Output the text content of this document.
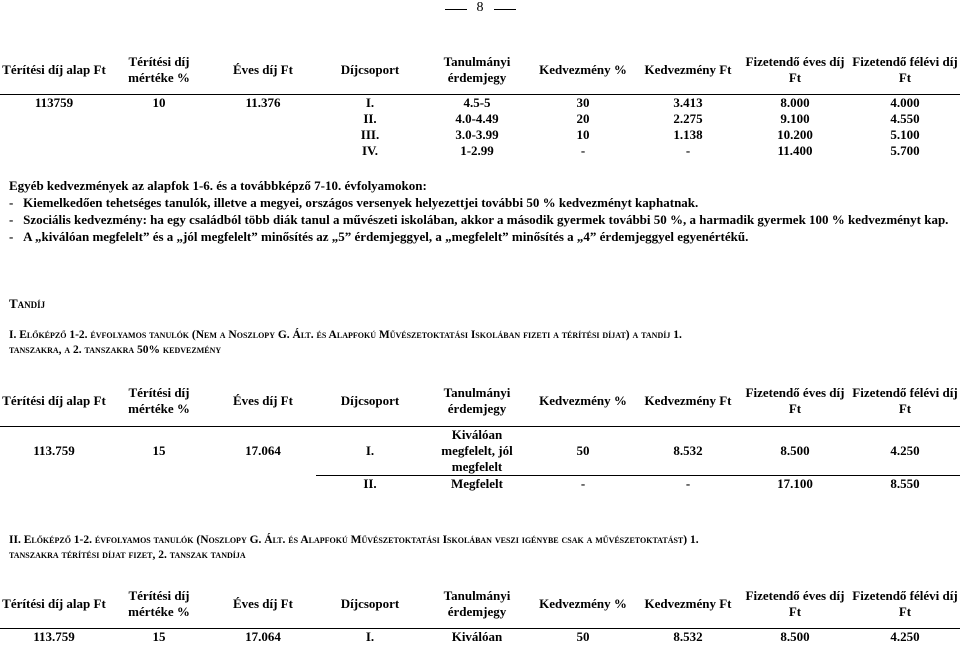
8
Térítési díj alap Ft	Térítési díj mértéke %	Éves díj Ft	Díjcsoport	Tanulmányi érdemjegy	Kedvezmény %	Kedvezmény Ft	Fizetendő éves díj Ft	Fizetendő félévi díj Ft
113759	10	11.376	I.	4.5-5	30	3.413	8.000	4.000
			II.	4.0-4.49	20	2.275	9.100	4.550
			III.	3.0-3.99	10	1.138	10.200	5.100
			IV.	1-2.99	-	-	11.400	5.700
Egyéb kedvezmények az alapfok 1-6. és a továbbképző 7-10. évfolyamokon:
-   Kiemelkedően tehetséges tanulók, illetve a megyei, országos versenyek helyezettjei további 50 % kedvezményt kaphatnak.
-   Szociális kedvezmény: ha egy családból több diák tanul a művészeti iskolában, akkor a második gyermek további 50 %, a harmadik gyermek 100 % kedvezményt kap.
-   A „kiválóan megfelelt” és a „jól megfelelt” minősítés az „5” érdemjeggyel, a „megfelelt” minősítés a „4” érdemjeggyel egyenértékű.
Tandíj
I. Előképző 1-2. évfolyamos tanulók (Nem a Noszlopy G. Ált. és Alapfokú Művészetoktatási Iskolában fizeti a térítési díjat) a tandíj 1.
tanszakra, a 2. tanszakra 50% kedvezmény
Térítési díj alap Ft	Térítési díj mértéke %	Éves díj Ft	Díjcsoport	Tanulmányi érdemjegy	Kedvezmény %	Kedvezmény Ft	Fizetendő éves díj Ft	Fizetendő félévi díj Ft
113.759	15	17.064	I.	Kiválóan megfelelt, jól megfelelt	50	8.532	8.500	4.250
			II.	Megfelelt	-	-	17.100	8.550
II. Előképző 1-2. évfolyamos tanulók (Noszlopy G. Ált. és Alapfokú Művészetoktatási Iskolában veszi igénybe csak a művészetoktatást) 1.
tanszakra térítési díjat fizet, 2. tanszak tandíja
Térítési díj alap Ft	Térítési díj mértéke %	Éves díj Ft	Díjcsoport	Tanulmányi érdemjegy	Kedvezmény %	Kedvezmény Ft	Fizetendő éves díj Ft	Fizetendő félévi díj Ft
113.759	15	17.064	I.	Kiválóan	50	8.532	8.500	4.250
